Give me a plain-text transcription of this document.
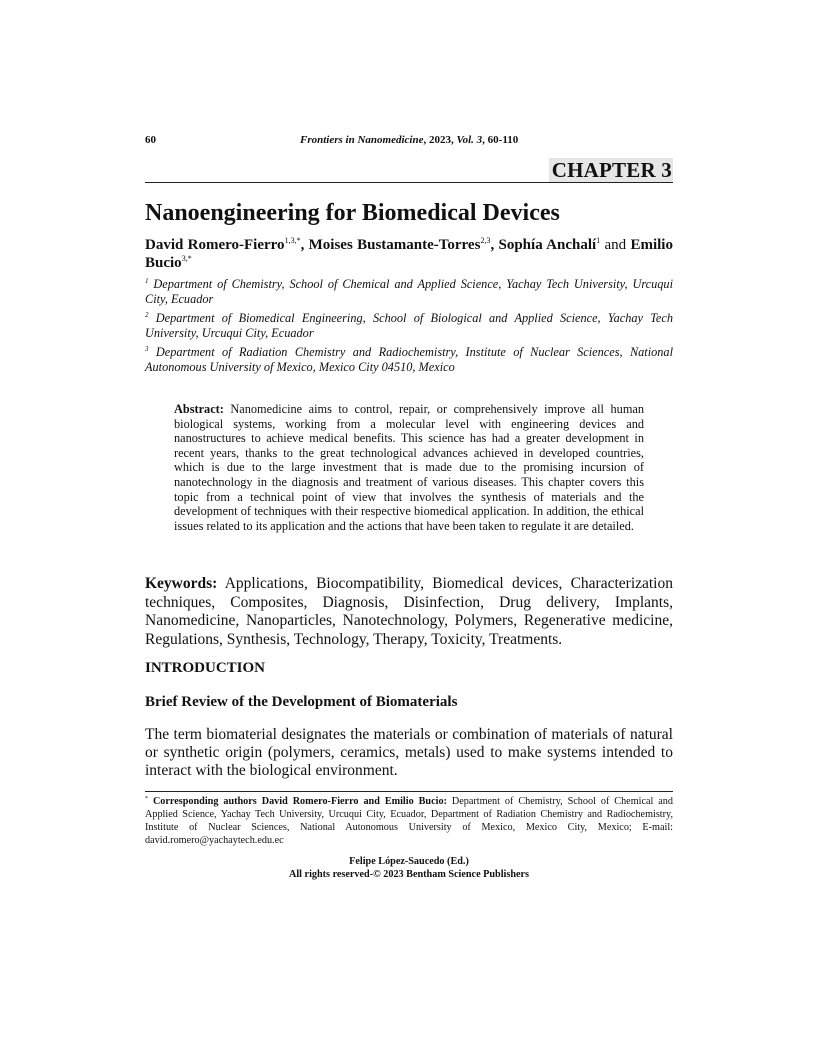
60	Frontiers in Nanomedicine, 2023, Vol. 3, 60-110
CHAPTER 3
Nanoengineering for Biomedical Devices
David Romero-Fierro$^{1,3,*}$, Moises Bustamante-Torres$^{2,3}$, Sophía Anchalí$^1$ and Emilio Bucio$^{3,*}$
$^1$ Department of Chemistry, School of Chemical and Applied Science, Yachay Tech University, Urcuqui City, Ecuador
$^2$ Department of Biomedical Engineering, School of Biological and Applied Science, Yachay Tech University, Urcuqui City, Ecuador
$^3$ Department of Radiation Chemistry and Radiochemistry, Institute of Nuclear Sciences, National Autonomous University of Mexico, Mexico City 04510, Mexico
Abstract: Nanomedicine aims to control, repair, or comprehensively improve all human biological systems, working from a molecular level with engineering devices and nanostructures to achieve medical benefits. This science has had a greater development in recent years, thanks to the great technological advances achieved in developed countries, which is due to the large investment that is made due to the promising incursion of nanotechnology in the diagnosis and treatment of various diseases. This chapter covers this topic from a technical point of view that involves the synthesis of materials and the development of techniques with their respective biomedical application. In addition, the ethical issues related to its application and the actions that have been taken to regulate it are detailed.
Keywords: Applications, Biocompatibility, Biomedical devices, Characterization techniques, Composites, Diagnosis, Disinfection, Drug delivery, Implants, Nanomedicine, Nanoparticles, Nanotechnology, Polymers, Regenerative medicine, Regulations, Synthesis, Technology, Therapy, Toxicity, Treatments.
INTRODUCTION
Brief Review of the Development of Biomaterials

The term biomaterial designates the materials or combination of materials of natural or synthetic origin (polymers, ceramics, metals) used to make systems intended to interact with the biological environment.

* Corresponding authors David Romero-Fierro and Emilio Bucio: Department of Chemistry, School of Chemical and Applied Science, Yachay Tech University, Urcuqui City, Ecuador, Department of Radiation Chemistry and Radiochemistry, Institute of Nuclear Sciences, National Autonomous University of Mexico, Mexico City, Mexico; E-mail: david.romero@yachaytech.edu.ec
Felipe López-Saucedo (Ed.)
All rights reserved-© 2023 Bentham Science Publishers
